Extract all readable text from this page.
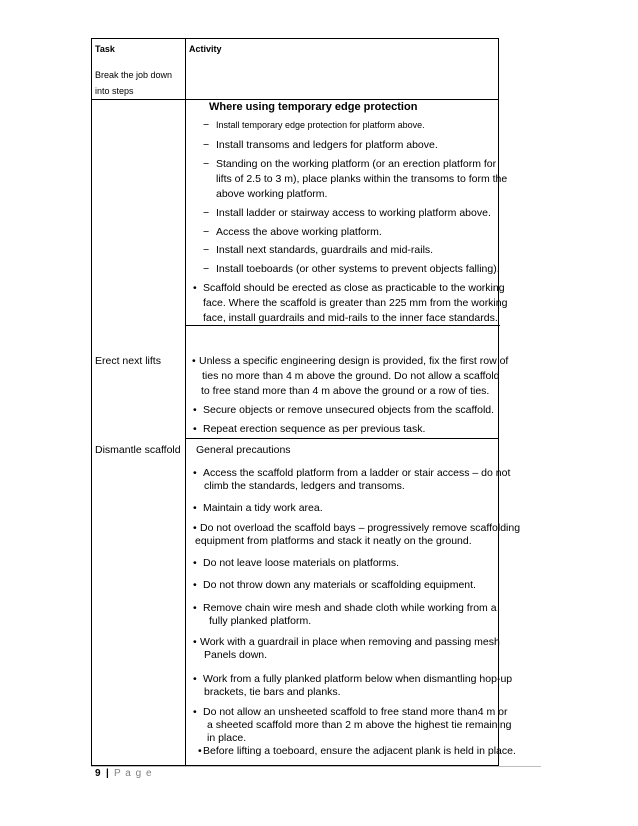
Task	Activity
Break the job down
into steps
Where using temporary edge protection
− Install temporary edge protection for platform above.
− Install transoms and ledgers for platform above.
− Standing on the working platform (or an erection platform for
lifts of 2.5 to 3 m), place planks within the transoms to form the
above working platform.
− Install ladder or stairway access to working platform above.
− Access the above working platform.
− Install next standards, guardrails and mid-rails.
− Install toeboards (or other systems to prevent objects falling).
• Scaffold should be erected as close as practicable to the working
face. Where the scaffold is greater than 225 mm from the working
face, install guardrails and mid-rails to the inner face standards.
Erect next lifts	• Unless a specific engineering design is provided, fix the first row of
ties no more than 4 m above the ground. Do not allow a scaffold
to free stand more than 4 m above the ground or a row of ties.
• Secure objects or remove unsecured objects from the scaffold.
• Repeat erection sequence as per previous task.
Dismantle scaffold General precautions
• Access the scaffold platform from a ladder or stair access – do not
climb the standards, ledgers and transoms.
• Maintain a tidy work area.
• Do not overload the scaffold bays – progressively remove scaffolding
equipment from platforms and stack it neatly on the ground.
• Do not leave loose materials on platforms.
• Do not throw down any materials or scaffolding equipment.
• Remove chain wire mesh and shade cloth while working from a
fully planked platform.
• Work with a guardrail in place when removing and passing mesh
Panels down.
• Work from a fully planked platform below when dismantling hop-up
brackets, tie bars and planks.
• Do not allow an unsheeted scaffold to free stand more than4 m or
a sheeted scaffold more than 2 m above the highest tie remaining
in place.
• Before lifting a toeboard, ensure the adjacent plank is held in place.
9 | P a g e
